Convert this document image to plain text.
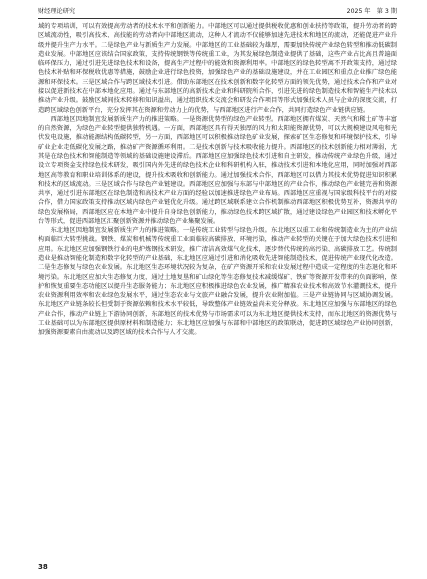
财经理论研究	2025 年　第 3 期

域的专项培训，可以有效提高劳动者的技术水平和创新能力。中部地区可以通过提供税收优惠和创业扶持等政策，提升劳动者的跨区域流动性，吸引高技术、高技能的劳动者向中部地区流动，这种人才流动不仅能够加速先进技术和地区的流动，还能促进产业升级并提升生产力水平。二是绿色产业与新质生产力发展。中部地区的工业基础较为雄厚，需要加快传统产业绿色转型和推动低碳制造业发展。中部地区应该结合国家政策，支持传统钢铁等传统重工业，为其发展绿色制造业提供了基础，这些产业占比高且普遍面临环保压力，通过引进先进绿色技术和设备，提高生产过程中的能效和资源利用率。中部地区的绿色转型离不开政策支持，通过绿色技术补贴和环保税收优惠等措施，鼓励企业进行绿色投资，加强绿色产业的基础设施建设，并在工业园区和重点企业推广绿色能源和环保技术。三是区域合作与跨区域技术引进。借助东部地区在技术创新和数字化转型方面的领先优势，通过技术合作和产业对接以促进新技术在中部本地化应用。通过与东部地区的高新技术企业和科研院所合作，引进先进的绿色制造技术和智能生产技术以推动产业升级。鼓励区域间技术转移和知识溢出，通过组织技术交流会和研发合作项目等形式加强技术人员与企业的深度交流，打造跨区域绿色创新平台，充分发挥其在资源和劳动力上的优势，与西部地区进行产业合作，共同打造绿色产业链供应链。

西部地区因地制宜发展新质生产力的推进策略。一是资源优势型的绿色产业转型。西部地区拥有煤炭、天然气和稀土矿等丰富的自然资源，为绿色产业转型提供独特机遇。一方面，西部地区具有得天独厚的风力和太阳能资源优势，可以大规模建设风电和光伏发电设施，推动能源结构低碳转型，另一方面，西部地区可以积极推动绿色矿业发展，探索矿区生态修复和环境保护技术，引导矿业企业走低碳化发展之路，推动矿产资源循环利用。二是技术创新与技术吸收能力提升。西部地区的技术创新能力相对薄弱，尤其是在绿色技术和智能制造等领域的基础设施建设滞后。西部地区应加强绿色技术引进和自主研发，推动传统产业绿色升级，通过设立专项资金支持绿色技术研发，吸引国内外先进的绿色技术企业和科研机构入驻，推动技术引进和本地化应用，同时加强对西部地区高等教育和职业培训体系的建设，提升技术吸收和创新能力。通过加强技术合作，西部地区可以借力其技术优势促进知识积累和技术的区域流动。三是区域合作与绿色产业链建设。西部地区应加强与东部与中部地区的产业合作，推动绿色产业链完善和资源共享，通过引进东部地区在绿色制造和高技术产业方面的经验以加速推进绿色产业布局。西部地区应重视与国家级科技平台的对接合作，借力国家政策支持推动区域内绿色产业链优化升级。通过跨区域联系建立合作机制推动西部地区积极优势互补，资源共享的绿色发展格局，西部地区应在本地产业中提升自身绿色创新能力，推动绿色技术跨区域扩散，通过建设绿色产业园区和技术孵化平台等形式，促进西部地区汇聚创新资源并推动绿色产业集聚发展。

东北地区因地制宜发展新质生产力的推进策略。一是传统工业转型与绿色升级。东北地区以重工业和传统制造业为主的产业结构面临巨大转型挑战。钢铁、煤炭和机械等传统重工业面临较高碳排放、环境污染，推动产业转型的关键在于加大绿色技术引进和应用。东北地区应加强钢铁行业的电炉炼钢技术研发，推广清洁高效煤气化技术，逐步替代传统的高污染、高碳排放工艺。传统制造业是推动智能化制造和数字化转型的产业基础，东北地区应通过引进和消化吸收先进智能制造技术，促进传统产业现代化改造。二是生态修复与绿色农业发展。东北地区生态环境状况较为复杂，在矿产资源开采和农业发展过程中造成一定程度的生态退化和环境污染。东北地区应加大生态修复力度，通过土地复垦和矿山绿化等生态修复技术减缓煤矿、铁矿等资源开发带来的负面影响，保护和恢复重要生态功能区以提升生态服务能力；东北地区应积极推进绿色农业发展，推广精准农业技术和高效节水灌溉技术，提升农业资源利用效率和农业绿色发展水平，通过生态农业与文旅产业融合发展，提升农业附加值。三是产业链协同与区域协调发展。东北地区产业链条较长但受制于资源依赖和技术水平较低，导致整体产业链效益尚未充分释放。东北地区应加强与东部地区的绿色产业合作，推动产业链上下游协同创新，东部地区的技术优势与市场需求可以为东北地区提供技术支持，而东北地区的资源优势与工业基础可以为东部地区提供原材料和制造能力；东北地区应加强与东部和中部地区的政策联动，促进跨区域绿色产业协同创新，加强资源要素自由流动以及跨区域的技术合作与人才交流。

38
